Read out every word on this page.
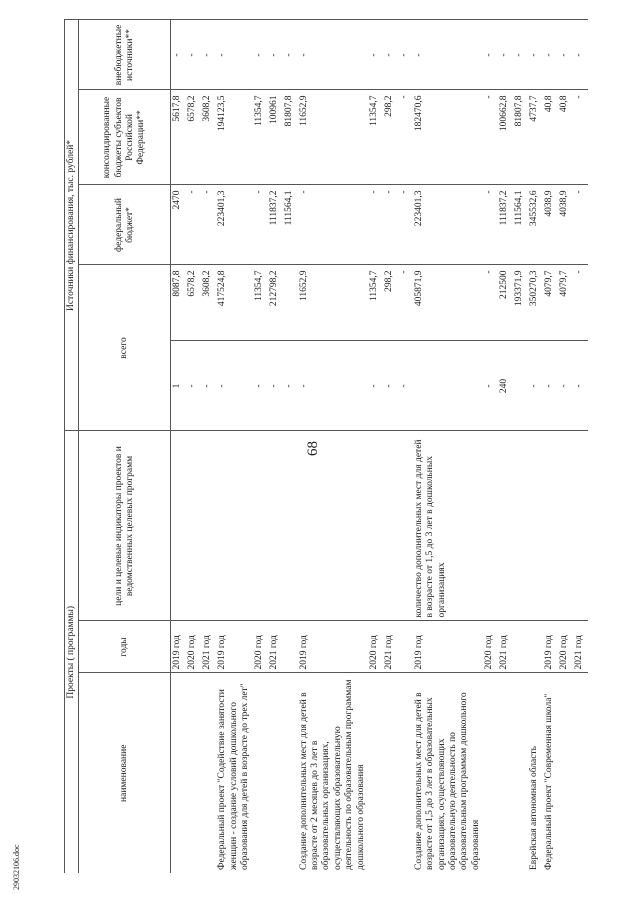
68
29032106.doc
Проекты ( программы)			Источники финансирования, тыс. рублей*				
наименование	годы	цели и целевые индикаторы проектов и ведомственных целевых программ	всего		федеральный бюджет*	консолидированные бюджеты субъектов Российской Федерации**	внебюджетные источники**
	2019 год		1	8087,8	2470	5617,8	-
	2020 год		-	6578,2	-	6578,2	-
	2021 год		-	3608,2	-	3608,2	-
Федеральный проект "Содействие занятости женщин - создание условий дошкольного образования для детей в возрасте до трех лет"	2019 год		-	417524,8	223401,3	194123,5	-
	2020 год		-	11354,7	-	11354,7	-
	2021 год		-	212798,2	111837,2	100961	-
			-		111564,1	81807,8	-
Создание дополнительных мест для детей в возрасте от 2 месяцев до 3 лет в образовательных организациях, осуществляющих образовательную деятельность по образовательным программам дошкольного образования	2019 год		-	11652,9	-	11652,9	-
	2020 год		-	11354,7	-	11354,7	-
	2021 год		-	298,2	-	298,2	-
			-	-	-	-	-
Создание дополнительных мест для детей в возрасте от 1,5 до 3 лет в образовательных организациях, осуществляющих образовательную деятельность по образовательным программам дошкольного образования	2019 год	количество дополнительных мест для детей в возрасте от 1,5 до 3 лет в дошкольных организациях		405871,9	223401,3	182470,6	-
	2020 год		-	-	-	-	-
	2021 год		240	212500	111837,2	100662,8	-
				193371,9	111564,1	81807,8	-
Еврейская автономная область			-	350270,3	345532,6	4737,7	-
Федеральный проект "Современная школа"	2019 год		-	4079,7	4038,9	40,8	-
	2020 год		-	4079,7	4038,9	40,8	-
	2021 год		-	-	-	-	-
